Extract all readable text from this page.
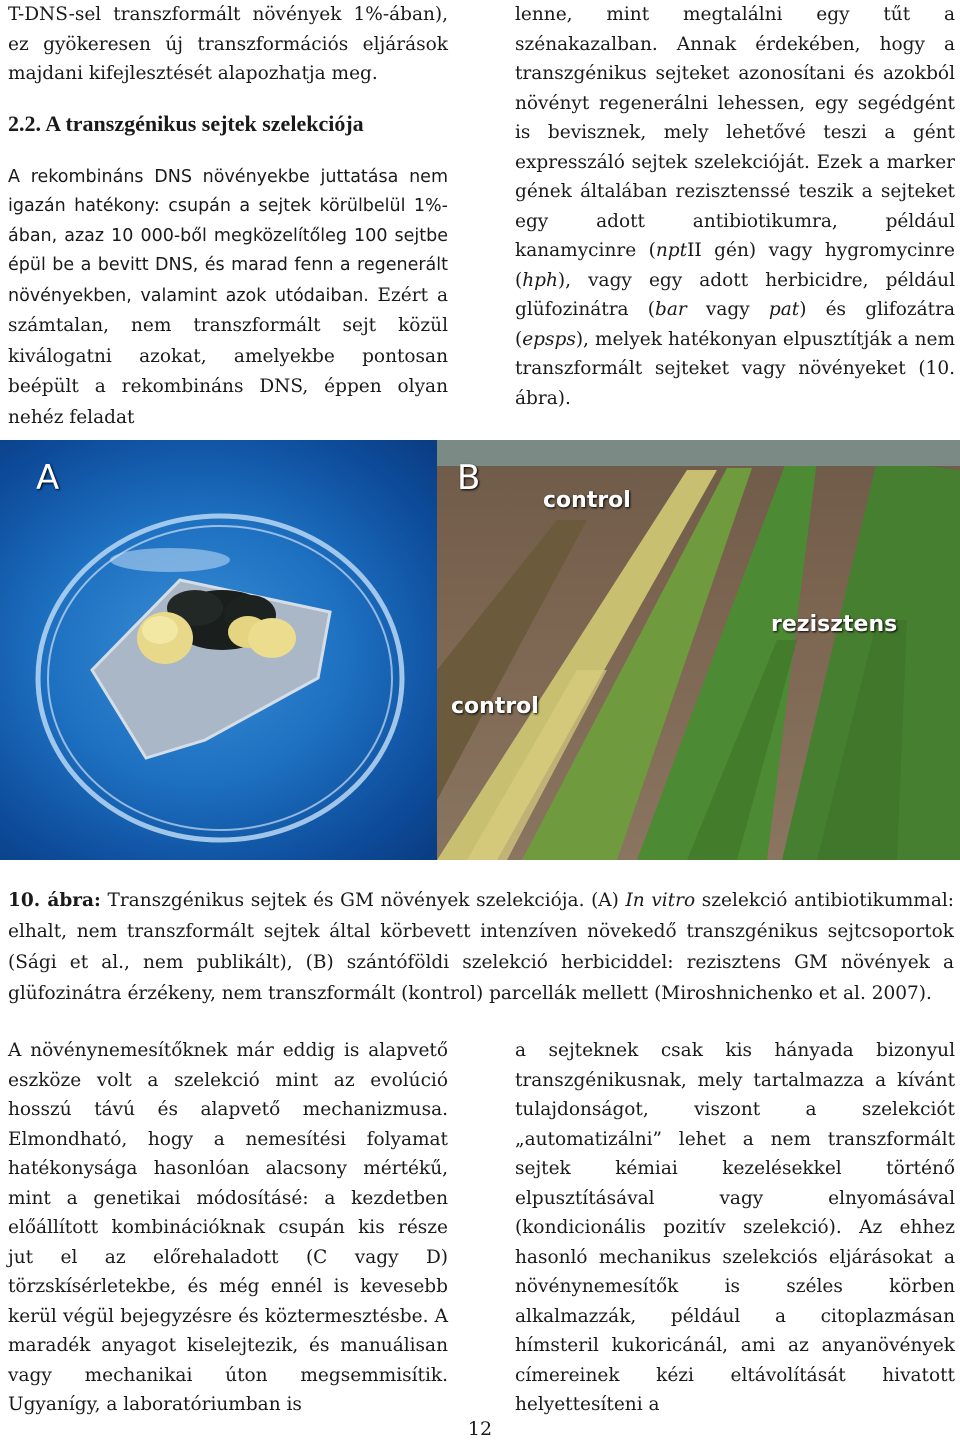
T-DNS-sel transzformált növények 1%-ában), ez gyökeresen új transzformációs eljárások majdani kifejlesztését alapozhatja meg.

2.2. A transzgénikus sejtek szelekciója

A rekombináns DNS növényekbe juttatása nem igazán hatékony: csupán a sejtek körülbelül 1%-ában, azaz 10 000-ből megközelítőleg 100 sejtbe épül be a bevitt DNS, és marad fenn a regenerált növényekben, valamint azok utódaiban. Ezért a számtalan, nem transzformált sejt közül kiválogatni azokat, amelyekbe pontosan beépült a rekombináns DNS, éppen olyan nehéz feladat

lenne, mint megtalálni egy tűt a szénakazalban. Annak érdekében, hogy a transzgénikus sejteket azonosítani és azokból növényt regenerálni lehessen, egy segédgént is bevisznek, mely lehetővé teszi a gént expresszáló sejtek szelekcióját. Ezek a marker gének általában rezisztenssé teszik a sejteket egy adott antibiotikumra, például kanamycinre (nptII gén) vagy hygromycinre (hph), vagy egy adott herbicidre, például glüfozinátra (bar vagy pat) és glifozátra (epsps), melyek hatékonyan elpusztítják a nem transzformált sejteket vagy növényeket (10. ábra).

A	B
control
rezisztens
control
10. ábra: Transzgénikus sejtek és GM növények szelekciója. (A) In vitro szelekció antibiotikummal: elhalt, nem transzformált sejtek által körbevett intenzíven növekedő transzgénikus sejtcsoportok (Sági et al., nem publikált), (B) szántóföldi szelekció herbiciddel: rezisztens GM növények a glüfozinátra érzékeny, nem transzformált (kontrol) parcellák mellett (Miroshnichenko et al. 2007).

A növénynemesítőknek már eddig is alapvető eszköze volt a szelekció mint az evolúció hosszú távú és alapvető mechanizmusa. Elmondható, hogy a nemesítési folyamat hatékonysága hasonlóan alacsony mértékű, mint a genetikai módosításé: a kezdetben előállított kombinációknak csupán kis része jut el az előrehaladott (C vagy D) törzskísérletekbe, és még ennél is kevesebb kerül végül bejegyzésre és köztermesztésbe. A maradék anyagot kiselejtezik, és manuálisan vagy mechanikai úton megsemmisítik. Ugyanígy, a laboratóriumban is

a sejteknek csak kis hányada bizonyul transzgénikusnak, mely tartalmazza a kívánt tulajdonságot, viszont a szelekciót „automatizálni” lehet a nem transzformált sejtek kémiai kezelésekkel történő elpusztításával vagy elnyomásával (kondicionális pozitív szelekció). Az ehhez hasonló mechanikus szelekciós eljárásokat a növénynemesítők is széles körben alkalmazzák, például a citoplazmásan hímsteril kukoricánál, ami az anyanövények címereinek kézi eltávolítását hivatott helyettesíteni a

12
